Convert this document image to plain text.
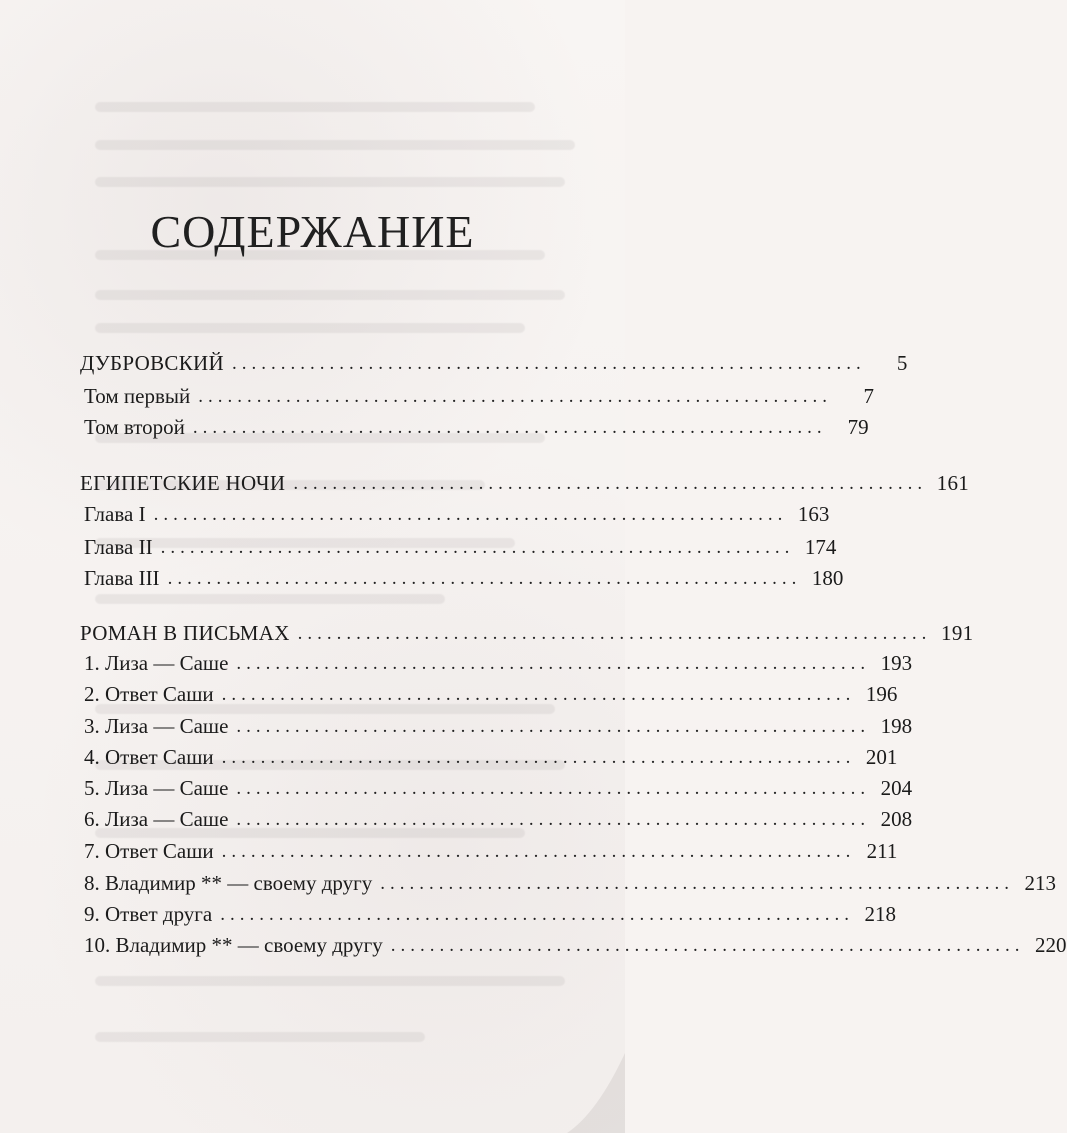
СОДЕРЖАНИЕ
ДУБРОВСКИЙ .................................................................	5
Том первый .................................................................	7
Том второй .................................................................	79
ЕГИПЕТСКИЕ НОЧИ ................................................................. 161
Глава I ................................................................. 163
Глава II ................................................................. 174
Глава III ................................................................. 180
РОМАН В ПИСЬМАХ ................................................................. 191
1. Лиза — Саше ................................................................. 193
2. Ответ Саши ................................................................. 196
3. Лиза — Саше ................................................................. 198
4. Ответ Саши ................................................................. 201
5. Лиза — Саше ................................................................. 204
6. Лиза — Саше ................................................................. 208
7. Ответ Саши ................................................................. 211
8. Владимир ** — своему другу ................................................................. 213
9. Ответ друга ................................................................. 218
10. Владимир ** — своему другу ................................................................. 220
